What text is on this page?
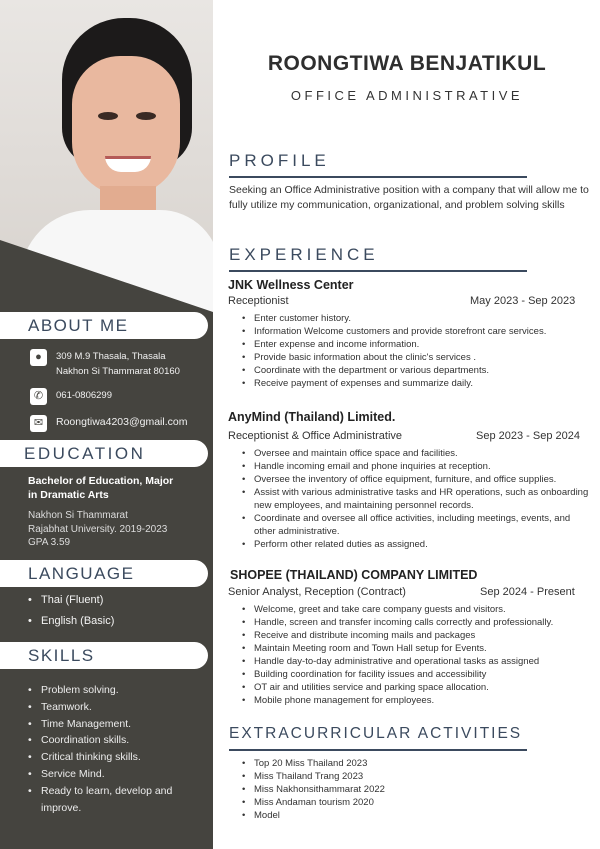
ABOUT ME
●	309 M.9 Thasala, Thasala
Nakhon Si Thammarat 80160
✆	061-0806299
✉	Roongtiwa4203@gmail.com
EDUCATION
Bachelor of Education, Major
in Dramatic Arts
Nakhon Si Thammarat
Rajabhat University. 2019-2023
GPA 3.59
LANGUAGE
•   Thai (Fluent)
•   English (Basic)
SKILLS
• Problem solving.
• Teamwork.
• Time Management.
• Coordination skills.
• Critical thinking skills.
• Service Mind.
• Ready to learn, develop and improve.
ROONGTIWA BENJATIKUL
OFFICE ADMINISTRATIVE
PROFILE
Seeking an Office Administrative position with a company that will allow me to fully utilize my communication, organizational, and problem solving skills
EXPERIENCE
JNK Wellness Center
Receptionist	May 2023 - Sep 2023
• Enter customer history.
• Information Welcome customers and provide storefront care services.
• Enter expense and income information.
• Provide basic information about the clinic's services .
• Coordinate with the department or various departments.
• Receive payment of expenses and summarize daily.
AnyMind (Thailand) Limited.
Receptionist & Office Administrative	Sep 2023 - Sep 2024
• Oversee and maintain office space and facilities.
• Handle incoming email and phone inquiries at reception.
• Oversee the inventory of office equipment, furniture, and office supplies.
• Assist with various administrative tasks and HR operations, such as onboarding new employees, and maintaining personnel records.
• Coordinate and oversee all office activities, including meetings, events, and other administrative.
• Perform other related duties as assigned.
SHOPEE (THAILAND) COMPANY LIMITED
Senior Analyst, Reception (Contract)	Sep 2024 - Present
• Welcome, greet and take care company guests and visitors.
• Handle, screen and transfer incoming calls correctly and professionally.
• Receive and distribute incoming mails and packages
• Maintain Meeting room and Town Hall setup for Events.
• Handle day-to-day administrative and operational tasks as assigned
• Building coordination for facility issues and accessibility
• OT air and utilities service and parking space allocation.
• Mobile phone management for employees.
EXTRACURRICULAR ACTIVITIES
• Top 20 Miss Thailand 2023
• Miss Thailand Trang 2023
• Miss Nakhonsithammarat 2022
• Miss Andaman tourism 2020
• Model
